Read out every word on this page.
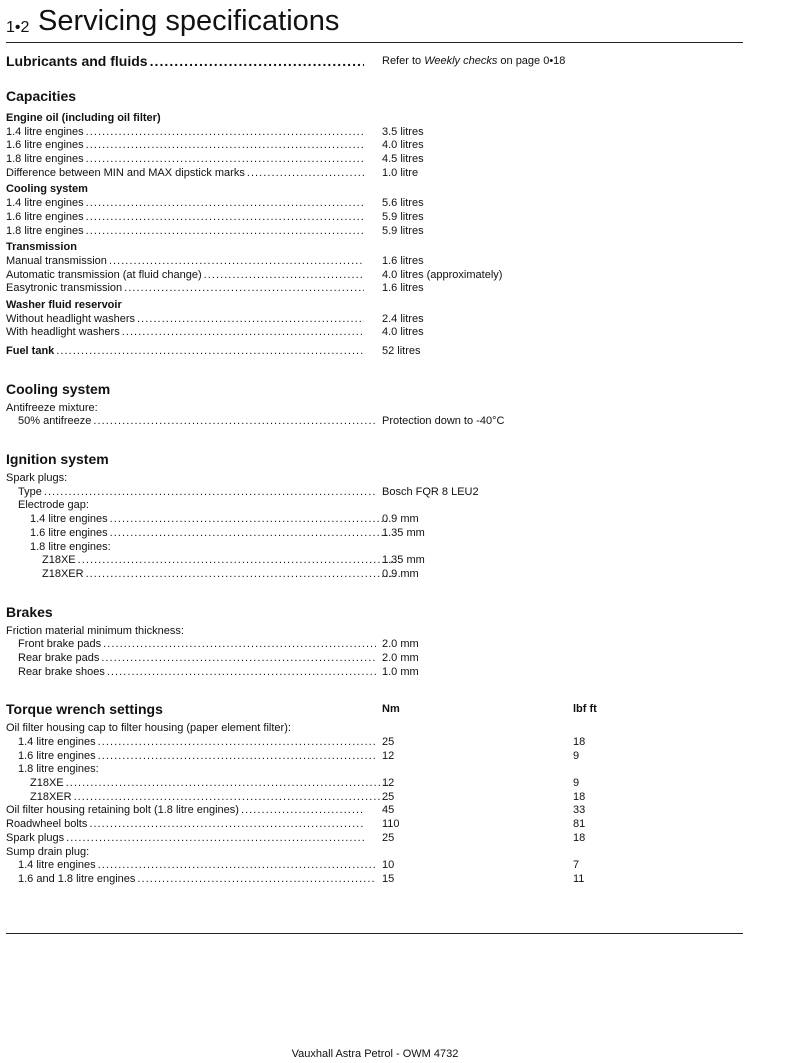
1•2 Servicing specifications
Lubricants and fluids .....	Refer to Weekly checks on page 0•18
Capacities
Engine oil (including oil filter)
1.4 litre engines .....	3.5 litres
1.6 litre engines .....	4.0 litres
1.8 litre engines .....	4.5 litres
Difference between MIN and MAX dipstick marks .....	1.0 litre
Cooling system
1.4 litre engines .....	5.6 litres
1.6 litre engines .....	5.9 litres
1.8 litre engines .....	5.9 litres
Transmission
Manual transmission .....	1.6 litres
Automatic transmission (at fluid change) .....	4.0 litres (approximately)
Easytronic transmission .....	1.6 litres
Washer fluid reservoir
Without headlight washers .....	2.4 litres
With headlight washers .....	4.0 litres
Fuel tank .....	52 litres
Cooling system
Antifreeze mixture:
50% antifreeze .....	Protection down to -40°C
Ignition system
Spark plugs:
Type .....	Bosch FQR 8 LEU2
Electrode gap:
1.4 litre engines .....	0.9 mm
1.6 litre engines .....	1.35 mm
1.8 litre engines:
Z18XE .....	1.35 mm
Z18XER .....	0.9 mm
Brakes
Friction material minimum thickness:
Front brake pads .....	2.0 mm
Rear brake pads .....	2.0 mm
Rear brake shoes .....	1.0 mm
Torque wrench settings	Nm	lbf ft
Oil filter housing cap to filter housing (paper element filter):
1.4 litre engines .....	25	18
1.6 litre engines .....	12	9
1.8 litre engines:
Z18XE .....	12	9
Z18XER .....	25	18
Oil filter housing retaining bolt (1.8 litre engines) .....	45	33
Roadwheel bolts .....	110	81
Spark plugs .....	25	18
Sump drain plug:
1.4 litre engines .....	10	7
1.6 and 1.8 litre engines .....	15	11
Vauxhall Astra Petrol - OWM 4732
